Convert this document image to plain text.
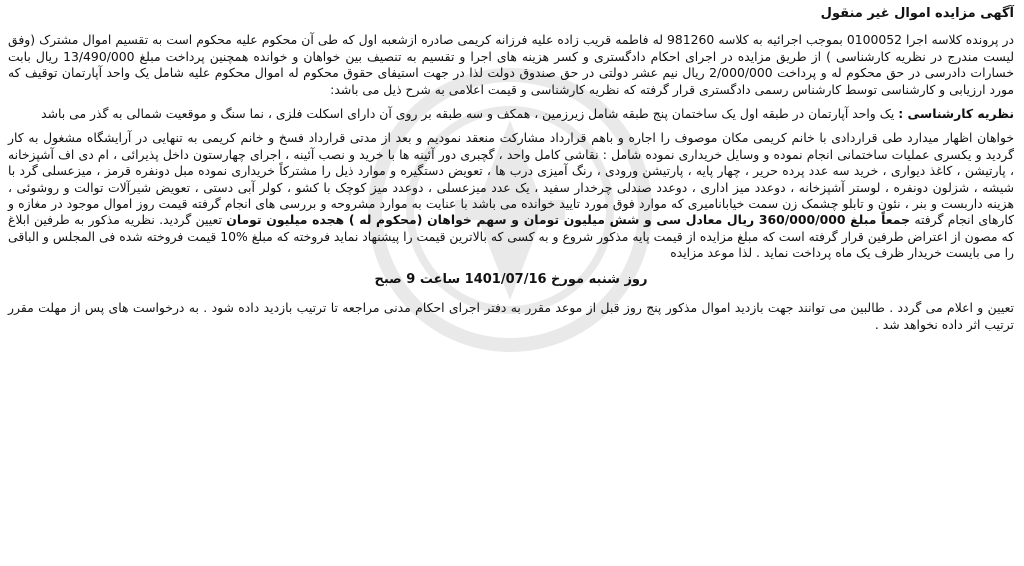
آگهی مزایده اموال غیر منقول

در پرونده کلاسه اجرا 0100052 بموجب اجرائیه به کلاسه 981260 له فاطمه قریب زاده علیه فرزانه کریمی صادره ازشعبه اول که طی آن محکوم علیه محکوم است به تقسیم اموال مشترک (وفق لیست مندرج در نظریه کارشناسی ) از طریق مزایده در اجرای احکام دادگستری و کسر هزینه های اجرا و تقسیم به تنصیف بین خواهان و خوانده همچنین پرداخت مبلغ 13/490/000 ریال بابت خسارات دادرسی در حق محکوم له و پرداخت 2/000/000 ریال نیم عشر دولتی در حق صندوق دولت لذا در جهت استیفای حقوق محکوم له اموال محکوم علیه شامل یک واحد آپارتمان توقیف که مورد ارزیابی و کارشناسی توسط کارشناس رسمی دادگستری قرار گرفته که نظریه کارشناسی و قیمت اعلامی به شرح ذیل می باشد:

نظریه کارشناسی : یک واحد آپارتمان در طبقه اول یک ساختمان پنج طبقه شامل زیرزمین ، همکف و سه طبقه بر روی آن دارای اسکلت فلزی ، نما سنگ و موقعیت شمالی به گذر می باشد

خواهان اظهار میدارد طی قراردادی با خانم کریمی مکان موصوف را اجاره و باهم قرارداد مشارکت منعقد نمودیم و بعد از مدتی قرارداد فسخ و خانم کریمی به تنهایی در آرایشگاه مشغول به کار گردید و یکسری عملیات ساختمانی انجام نموده و وسایل خریداری نموده شامل : نقاشی کامل واحد ، گچبری دور آئینه ها با خرید و نصب آئینه ، اجرای چهارستون داخل پذیرائی ، ام دی اف آشپزخانه ، پارتیشن ، کاغذ دیواری ، خرید سه عدد پرده حریر ، چهار پایه ، پارتیشن ورودی ، رنگ آمیزی درب ها ، تعویض دستگیره و موارد ذیل را مشترکاً خریداری نموده مبل دونفره قرمز ، میزعسلی گرد با شیشه ، شزلون دونفره ، لوستر آشپزخانه ، دوعدد میز اداری ، دوعدد صندلی چرخدار سفید ، یک عدد میزعسلی ، دوعدد میز کوچک با کشو ، کولر آبی دستی ، تعویض شیرآلات توالت و روشوئی ، هزینه داربست و بنر ، نئون و تابلو چشمک زن سمت خیابانامیری که موارد فوق مورد تایید خوانده می باشد با عنایت به موارد مشروحه و بررسی های انجام گرفته قیمت روز اموال موجود در مغازه و کارهای انجام گرفته جمعاً مبلغ 360/000/000 ریال معادل سی و شش میلیون تومان و سهم خواهان (محکوم له ) هجده میلیون تومان تعیین گردید. نظریه مذکور به طرفین ابلاغ که مصون از اعتراض طرفین قرار گرفته است که مبلغ مزایده از قیمت پایه مذکور شروع و به کسی که بالاترین قیمت را پیشنهاد نماید فروخته که مبلغ 10% قیمت فروخته شده فی المجلس و الباقی را می بایست خریدار ظرف یک ماه پرداخت نماید . لذا موعد مزایده

روز شنبه مورخ 1401/07/16 ساعت 9 صبح

تعیین و اعلام می گردد . طالبین می توانند جهت بازدید اموال مذکور پنج روز قبل از موعد مقرر به دفتر اجرای احکام مدنی مراجعه تا ترتیب بازدید داده شود . به درخواست های پس از مهلت مقرر ترتیب اثر داده نخواهد شد .
